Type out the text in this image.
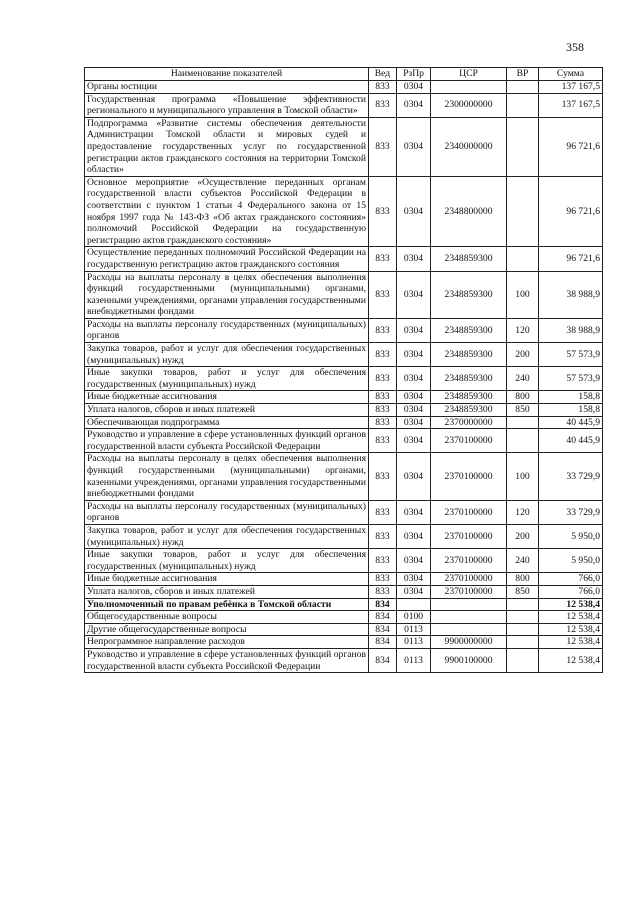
358
Наименование показателей	Вед	РзПр	ЦСР	ВР	Сумма
Органы юстиции	833	0304			137 167,5
Государственная программа «Повышение эффективности регионального и муниципального управления в Томской области»	833	0304	2300000000		137 167,5
Подпрограмма «Развитие системы обеспечения деятельности Администрации Томской области и мировых судей и предоставление государственных услуг по государственной регистрации актов гражданского состояния на территории Томской области»	833	0304	2340000000		96 721,6
Основное мероприятие «Осуществление переданных органам государственной власти субъектов Российской Федерации в соответствии с пунктом 1 статьи 4 Федерального закона от 15 ноября 1997 года № 143-ФЗ «Об актах гражданского состояния» полномочий Российской Федерации на государственную регистрацию актов гражданского состояния»	833	0304	2348800000		96 721,6
Осуществление переданных полномочий Российской Федерации на государственную регистрацию актов гражданского состояния	833	0304	2348859300		96 721,6
Расходы на выплаты персоналу в целях обеспечения выполнения функций государственными (муниципальными) органами, казенными учреждениями, органами управления государственными внебюджетными фондами	833	0304	2348859300	100	38 988,9
Расходы на выплаты персоналу государственных (муниципальных) органов	833	0304	2348859300	120	38 988,9
Закупка товаров, работ и услуг для обеспечения государственных (муниципальных) нужд	833	0304	2348859300	200	57 573,9
Иные закупки товаров, работ и услуг для обеспечения государственных (муниципальных) нужд	833	0304	2348859300	240	57 573,9
Иные бюджетные ассигнования	833	0304	2348859300	800	158,8
Уплата налогов, сборов и иных платежей	833	0304	2348859300	850	158,8
Обеспечивающая подпрограмма	833	0304	2370000000		40 445,9
Руководство и управление в сфере установленных функций органов государственной власти субъекта Российской Федерации	833	0304	2370100000		40 445,9
Расходы на выплаты персоналу в целях обеспечения выполнения функций государственными (муниципальными) органами, казенными учреждениями, органами управления государственными внебюджетными фондами	833	0304	2370100000	100	33 729,9
Расходы на выплаты персоналу государственных (муниципальных) органов	833	0304	2370100000	120	33 729,9
Закупка товаров, работ и услуг для обеспечения государственных (муниципальных) нужд	833	0304	2370100000	200	5 950,0
Иные закупки товаров, работ и услуг для обеспечения государственных (муниципальных) нужд	833	0304	2370100000	240	5 950,0
Иные бюджетные ассигнования	833	0304	2370100000	800	766,0
Уплата налогов, сборов и иных платежей	833	0304	2370100000	850	766,0
Уполномоченный по правам ребёнка в Томской области	834				12 538,4
Общегосударственные вопросы	834	0100			12 538,4
Другие общегосударственные вопросы	834	0113			12 538,4
Непрограммное направление расходов	834	0113	9900000000		12 538,4
Руководство и управление в сфере установленных функций органов государственной власти субъекта Российской Федерации	834	0113	9900100000		12 538,4
